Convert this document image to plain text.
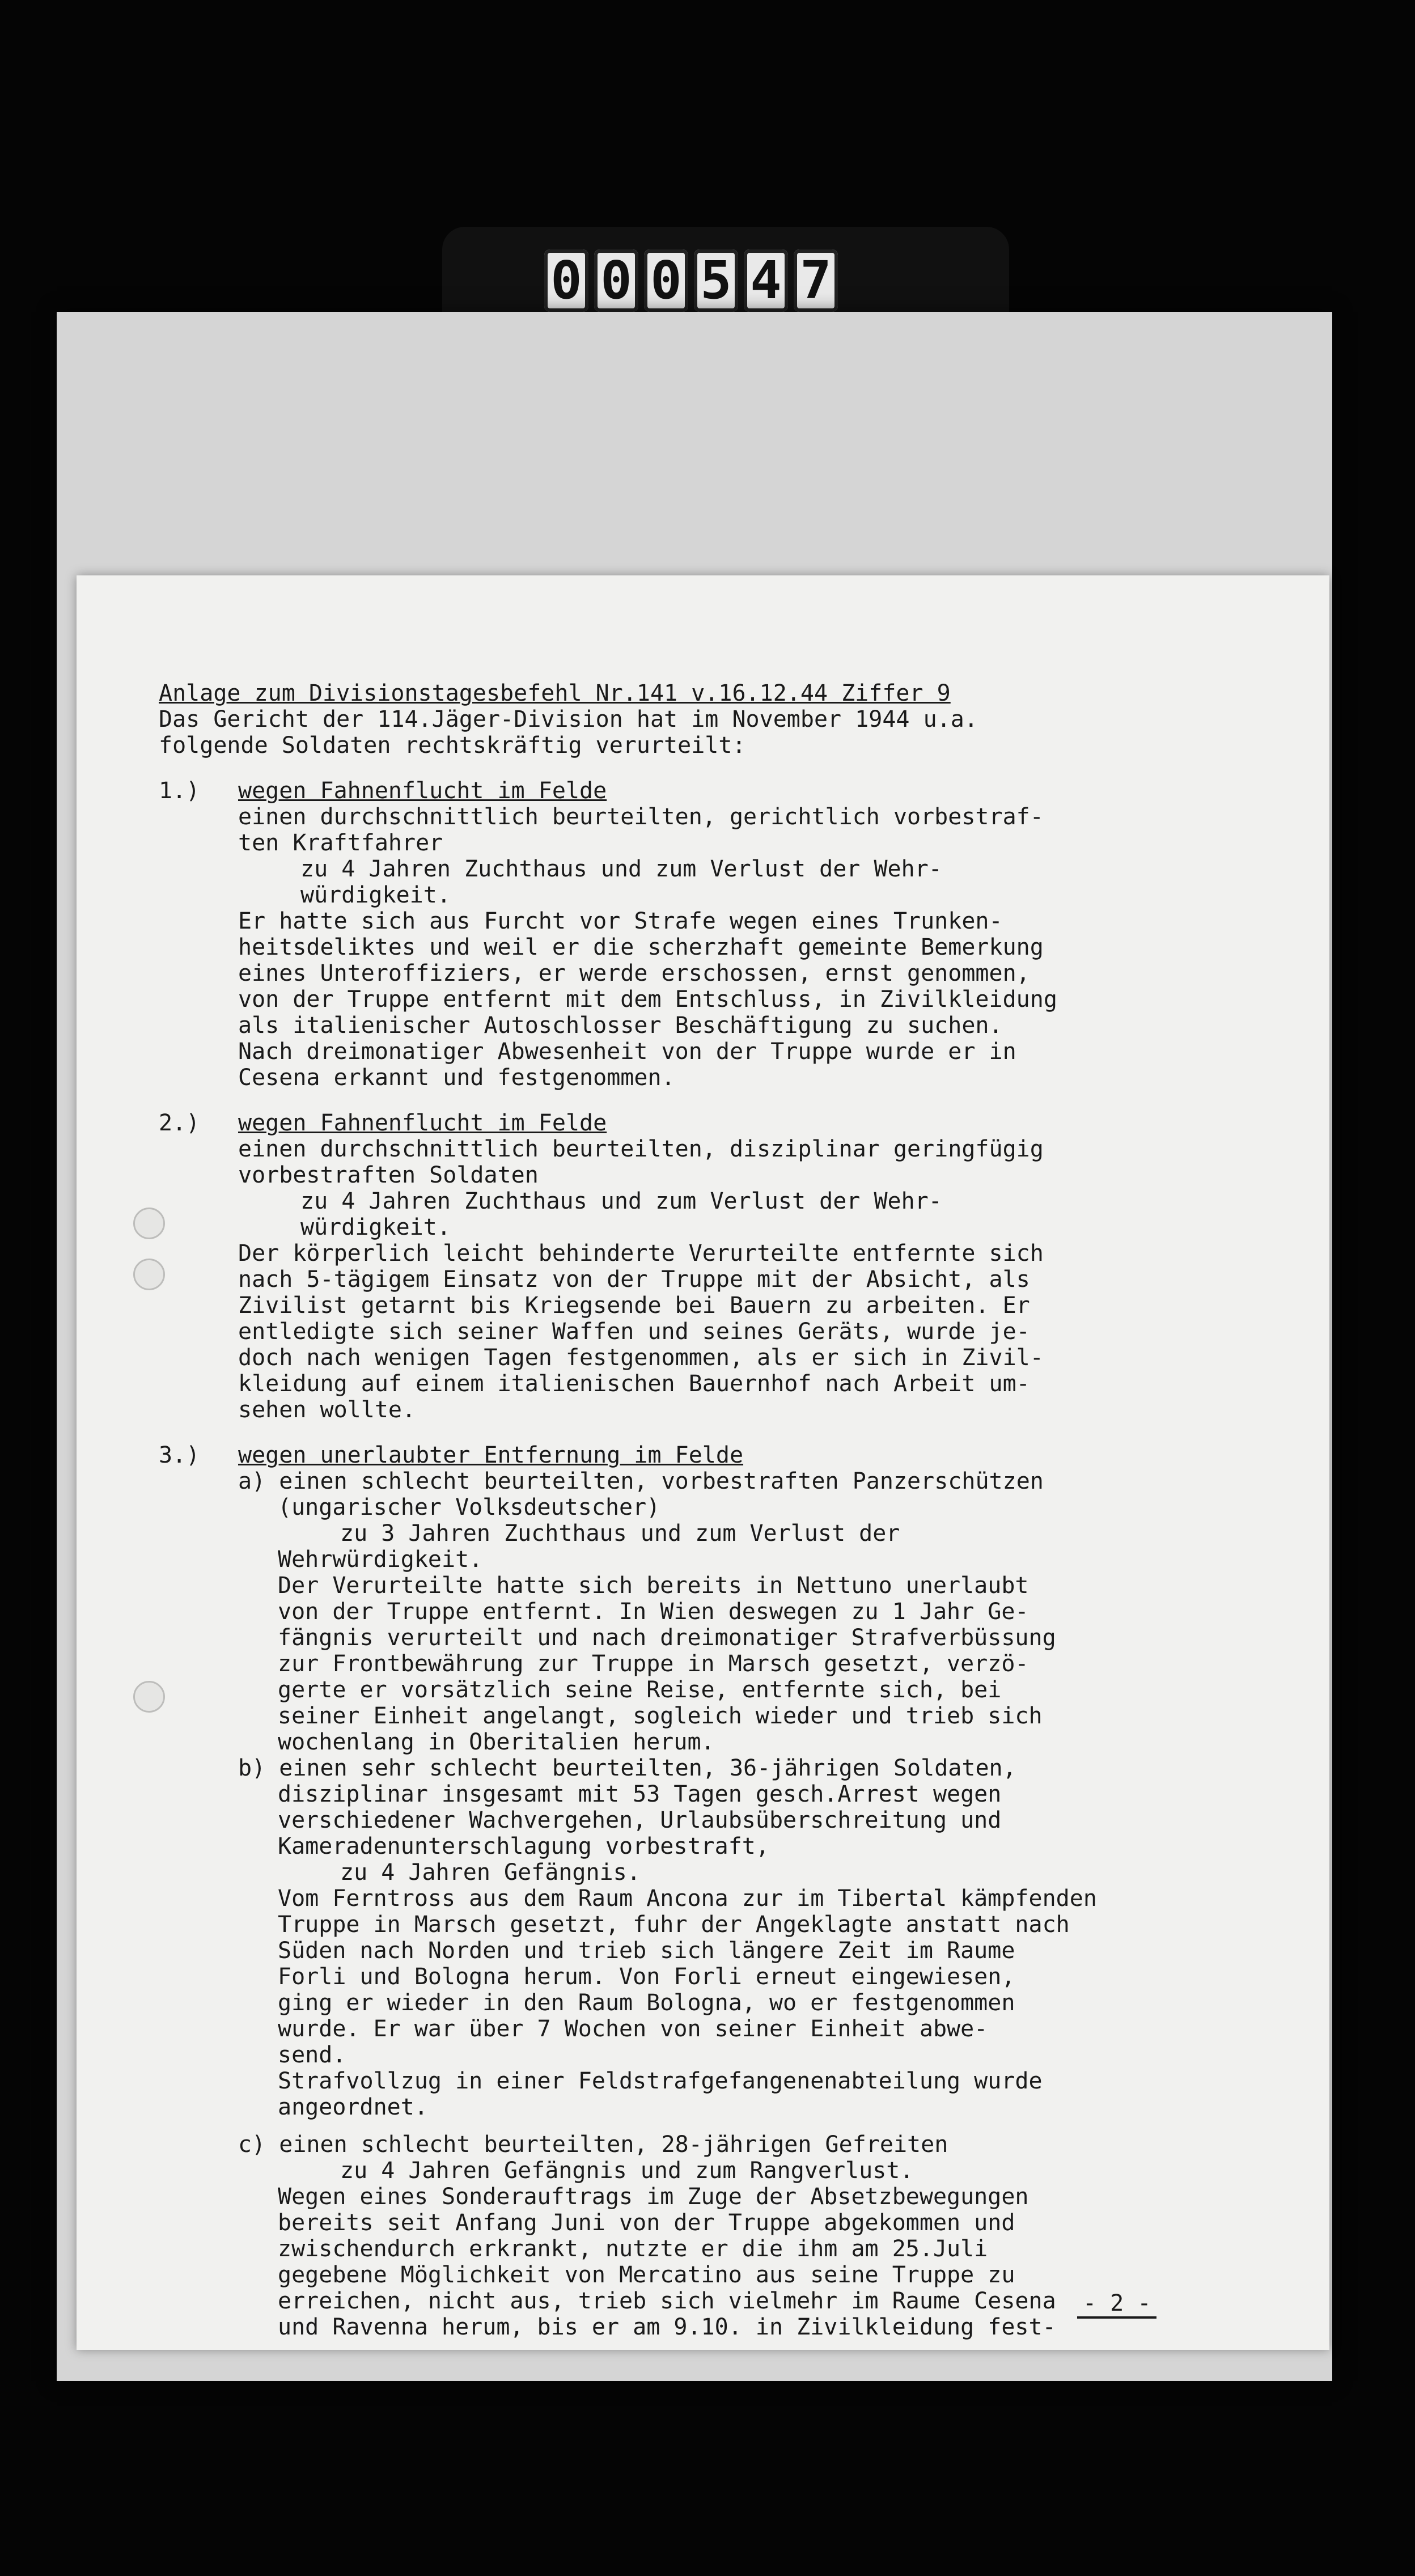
0 0 0 5 4 7

Anlage zum Divisionstagesbefehl Nr.141 v.16.12.44 Ziffer 9

Das Gericht der 114.Jäger-Division hat im November 1944 u.a.

folgende Soldaten rechtskräftig verurteilt:

1.) wegen Fahnenflucht im Felde

einen durchschnittlich beurteilten, gerichtlich vorbestraf-

ten Kraftfahrer

zu 4 Jahren Zuchthaus und zum Verlust der Wehr-

würdigkeit.

Er hatte sich aus Furcht vor Strafe wegen eines Trunken-

heitsdeliktes und weil er die scherzhaft gemeinte Bemerkung

eines Unteroffiziers, er werde erschossen, ernst genommen,

von der Truppe entfernt mit dem Entschluss, in Zivilkleidung

als italienischer Autoschlosser Beschäftigung zu suchen.

Nach dreimonatiger Abwesenheit von der Truppe wurde er in

Cesena erkannt und festgenommen.

2.) wegen Fahnenflucht im Felde

einen durchschnittlich beurteilten, disziplinar geringfügig

vorbestraften Soldaten

zu 4 Jahren Zuchthaus und zum Verlust der Wehr-

würdigkeit.

Der körperlich leicht behinderte Verurteilte entfernte sich

nach 5-tägigem Einsatz von der Truppe mit der Absicht, als

Zivilist getarnt bis Kriegsende bei Bauern zu arbeiten. Er

entledigte sich seiner Waffen und seines Geräts, wurde je-

doch nach wenigen Tagen festgenommen, als er sich in Zivil-

kleidung auf einem italienischen Bauernhof nach Arbeit um-

sehen wollte.

3.) wegen unerlaubter Entfernung im Felde

a) einen schlecht beurteilten, vorbestraften Panzerschützen

(ungarischer Volksdeutscher)

zu 3 Jahren Zuchthaus und zum Verlust der

Wehrwürdigkeit.

Der Verurteilte hatte sich bereits in Nettuno unerlaubt

von der Truppe entfernt. In Wien deswegen zu 1 Jahr Ge-

fängnis verurteilt und nach dreimonatiger Strafverbüssung

zur Frontbewährung zur Truppe in Marsch gesetzt, verzö-

gerte er vorsätzlich seine Reise, entfernte sich, bei

seiner Einheit angelangt, sogleich wieder und trieb sich

wochenlang in Oberitalien herum.

b) einen sehr schlecht beurteilten, 36-jährigen Soldaten,

disziplinar insgesamt mit 53 Tagen gesch.Arrest wegen

verschiedener Wachvergehen, Urlaubsüberschreitung und

Kameradenunterschlagung vorbestraft,

zu 4 Jahren Gefängnis.

Vom Ferntross aus dem Raum Ancona zur im Tibertal kämpfenden

Truppe in Marsch gesetzt, fuhr der Angeklagte anstatt nach

Süden nach Norden und trieb sich längere Zeit im Raume

Forli und Bologna herum. Von Forli erneut eingewiesen,

ging er wieder in den Raum Bologna, wo er festgenommen

wurde. Er war über 7 Wochen von seiner Einheit abwe-

send.

Strafvollzug in einer Feldstrafgefangenenabteilung wurde

angeordnet.

c) einen schlecht beurteilten, 28-jährigen Gefreiten

zu 4 Jahren Gefängnis und zum Rangverlust.

Wegen eines Sonderauftrags im Zuge der Absetzbewegungen

bereits seit Anfang Juni von der Truppe abgekommen und

zwischendurch erkrankt, nutzte er die ihm am 25.Juli

gegebene Möglichkeit von Mercatino aus seine Truppe zu

erreichen, nicht aus, trieb sich vielmehr im Raume Cesena

und Ravenna herum, bis er am 9.10. in Zivilkleidung fest-

- 2 -
